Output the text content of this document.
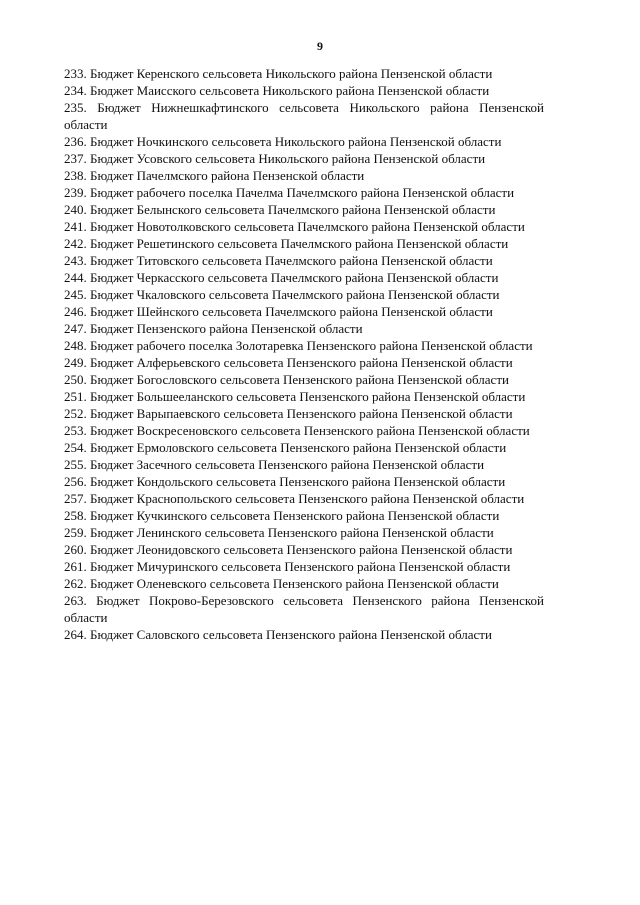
9
233. Бюджет Керенского сельсовета Никольского района Пензенской области
234. Бюджет Маисского сельсовета Никольского района Пензенской области
235. Бюджет Нижнешкафтинского сельсовета Никольского района Пензенской области
236. Бюджет Ночкинского сельсовета Никольского района Пензенской области
237. Бюджет Усовского сельсовета Никольского района Пензенской области
238. Бюджет Пачелмского района Пензенской области
239. Бюджет рабочего поселка Пачелма Пачелмского района Пензенской области
240. Бюджет Белынского сельсовета Пачелмского района Пензенской области
241. Бюджет Новотолковского сельсовета Пачелмского района Пензенской области
242. Бюджет Решетинского сельсовета Пачелмского района Пензенской области
243. Бюджет Титовского сельсовета Пачелмского района Пензенской области
244. Бюджет Черкасского сельсовета Пачелмского района Пензенской области
245. Бюджет Чкаловского сельсовета Пачелмского района Пензенской области
246. Бюджет Шейнского сельсовета Пачелмского района Пензенской области
247. Бюджет Пензенского района Пензенской области
248. Бюджет рабочего поселка Золотаревка Пензенского района Пензенской области
249. Бюджет Алферьевского сельсовета Пензенского района Пензенской области
250. Бюджет Богословского сельсовета Пензенского района Пензенской области
251. Бюджет Большееланского сельсовета Пензенского района Пензенской области
252. Бюджет Варыпаевского сельсовета Пензенского района Пензенской области
253. Бюджет Воскресеновского сельсовета Пензенского района Пензенской области
254. Бюджет Ермоловского сельсовета Пензенского района Пензенской области
255. Бюджет Засечного сельсовета Пензенского района Пензенской области
256. Бюджет Кондольского сельсовета Пензенского района Пензенской области
257. Бюджет Краснопольского сельсовета Пензенского района Пензенской области
258. Бюджет Кучкинского сельсовета Пензенского района Пензенской области
259. Бюджет Ленинского сельсовета Пензенского района Пензенской области
260. Бюджет Леонидовского сельсовета Пензенского района Пензенской области
261. Бюджет Мичуринского сельсовета Пензенского района Пензенской области
262. Бюджет Оленевского сельсовета Пензенского района Пензенской области
263. Бюджет Покрово-Березовского сельсовета Пензенского района Пензенской области
264. Бюджет Саловского сельсовета Пензенского района Пензенской области
